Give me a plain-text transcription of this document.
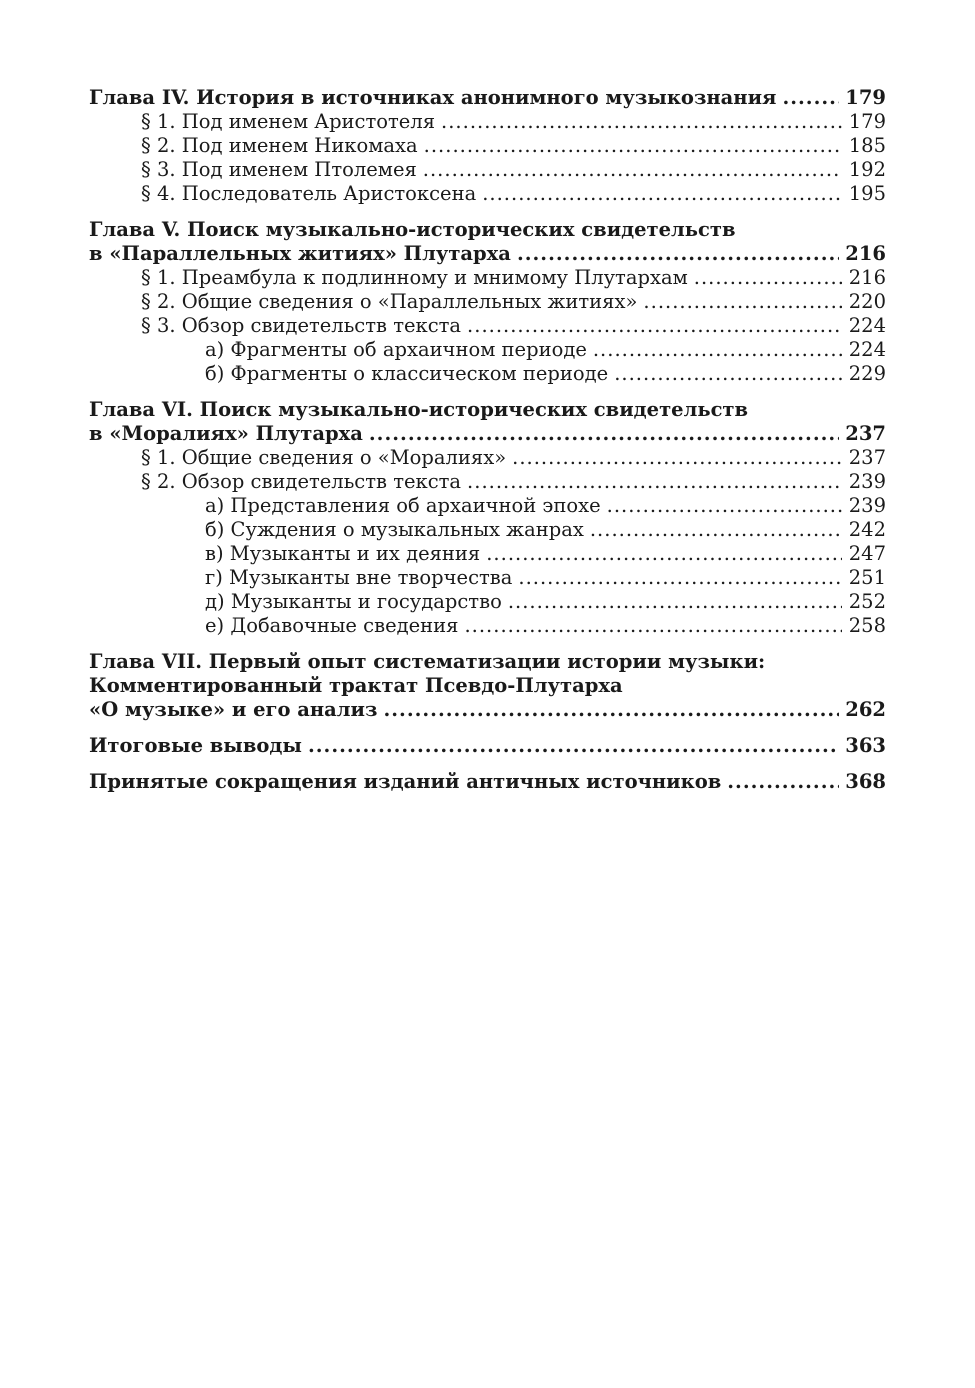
Глава IV. История в источниках анонимного музыкознания .....	179
§ 1. Под именем Аристотеля .....	179
§ 2. Под именем Никомаха .....	185
§ 3. Под именем Птолемея .....	192
§ 4. Последователь Аристоксена .....	195
Глава V. Поиск музыкально-исторических свидетельств
в «Параллельных житиях» Плутарха .....	216
§ 1. Преамбула к подлинному и мнимому Плутархам .....	216
§ 2. Общие сведения о «Параллельных житиях» .....	220
§ 3. Обзор свидетельств текста .....	224
а) Фрагменты об архаичном периоде .....	224
б) Фрагменты о классическом периоде .....	229
Глава VI. Поиск музыкально-исторических свидетельств
в «Моралиях» Плутарха .....	237
§ 1. Общие сведения о «Моралиях» .....	237
§ 2. Обзор свидетельств текста .....	239
а) Представления об архаичной эпохе .....	239
б) Суждения о музыкальных жанрах .....	242
в) Музыканты и их деяния .....	247
г) Музыканты вне творчества .....	251
д) Музыканты и государство .....	252
е) Добавочные сведения .....	258
Глава VII. Первый опыт систематизации истории музыки:
Комментированный трактат Псевдо-Плутарха
«О музыке» и его анализ .....	262
Итоговые выводы .....	363
Принятые сокращения изданий античных источников .....	368
